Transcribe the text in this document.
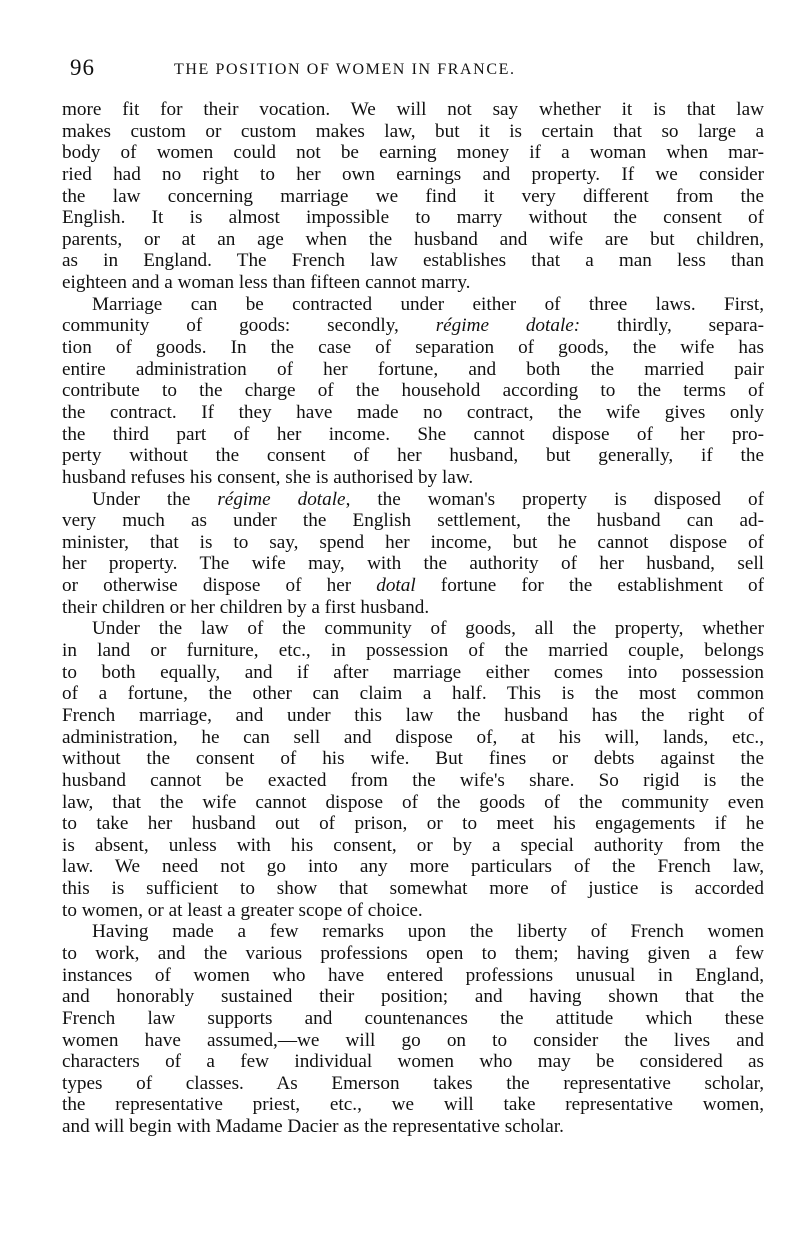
96	THE POSITION OF WOMEN IN FRANCE.
more fit for their vocation. We will not say whether it is that law
makes custom or custom makes law, but it is certain that so large a
body of women could not be earning money if a woman when mar-
ried had no right to her own earnings and property. If we consider
the law concerning marriage we find it very different from the
English. It is almost impossible to marry without the consent of
parents, or at an age when the husband and wife are but children,
as in England. The French law establishes that a man less than
eighteen and a woman less than fifteen cannot marry.
Marriage can be contracted under either of three laws. First,
community of goods: secondly, régime dotale: thirdly, separa-
tion of goods. In the case of separation of goods, the wife has
entire administration of her fortune, and both the married pair
contribute to the charge of the household according to the terms of
the contract. If they have made no contract, the wife gives only
the third part of her income. She cannot dispose of her pro-
perty without the consent of her husband, but generally, if the
husband refuses his consent, she is authorised by law.
Under the régime dotale, the woman's property is disposed of
very much as under the English settlement, the husband can ad-
minister, that is to say, spend her income, but he cannot dispose of
her property. The wife may, with the authority of her husband, sell
or otherwise dispose of her dotal fortune for the establishment of
their children or her children by a first husband.
Under the law of the community of goods, all the property, whether
in land or furniture, etc., in possession of the married couple, belongs
to both equally, and if after marriage either comes into possession
of a fortune, the other can claim a half. This is the most common
French marriage, and under this law the husband has the right of
administration, he can sell and dispose of, at his will, lands, etc.,
without the consent of his wife. But fines or debts against the
husband cannot be exacted from the wife's share. So rigid is the
law, that the wife cannot dispose of the goods of the community even
to take her husband out of prison, or to meet his engagements if he
is absent, unless with his consent, or by a special authority from the
law. We need not go into any more particulars of the French law,
this is sufficient to show that somewhat more of justice is accorded
to women, or at least a greater scope of choice.
Having made a few remarks upon the liberty of French women
to work, and the various professions open to them; having given a few
instances of women who have entered professions unusual in England,
and honorably sustained their position; and having shown that the
French law supports and countenances the attitude which these
women have assumed,—we will go on to consider the lives and
characters of a few individual women who may be considered as
types of classes. As Emerson takes the representative scholar,
the representative priest, etc., we will take representative women,
and will begin with Madame Dacier as the representative scholar.
